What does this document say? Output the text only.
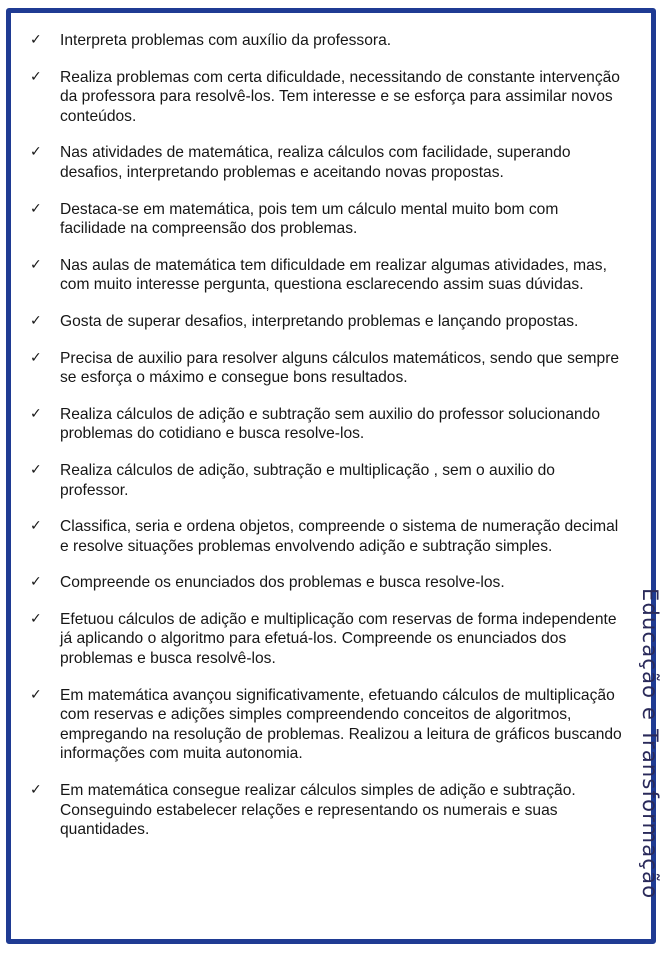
✓ Interpreta problemas com auxílio da professora.
✓ Realiza problemas com certa dificuldade, necessitando de constante intervenção da professora para resolvê-los. Tem interesse e se esforça para assimilar novos conteúdos.
✓ Nas atividades de matemática, realiza cálculos com facilidade, superando desafios, interpretando problemas e aceitando novas propostas.
✓ Destaca-se em matemática, pois tem um cálculo mental muito bom com facilidade na compreensão dos problemas.
✓ Nas aulas de matemática tem dificuldade em realizar algumas atividades, mas, com muito interesse pergunta, questiona esclarecendo assim suas dúvidas.
✓ Gosta de superar desafios, interpretando problemas e lançando propostas.
✓ Precisa de auxilio para resolver alguns cálculos matemáticos, sendo que sempre se esforça o máximo e consegue bons resultados.
✓ Realiza cálculos de adição e subtração sem auxilio do professor solucionando problemas do cotidiano e busca resolve-los.
✓ Realiza cálculos de adição, subtração e multiplicação , sem o auxilio do professor.
✓ Classifica, seria e ordena objetos, compreende o sistema de numeração decimal e resolve situações problemas envolvendo adição e subtração simples.
✓ Compreende os enunciados dos problemas e busca resolve-los.
✓ Efetuou cálculos de adição e multiplicação com reservas de forma independente já aplicando o algoritmo para efetuá-los. Compreende os enunciados dos problemas e busca resolvê-los.
✓ Em matemática avançou significativamente, efetuando cálculos de multiplicação com reservas e adições simples compreendendo conceitos de algoritmos, empregando na resolução de problemas. Realizou a leitura de gráficos buscando informações com muita autonomia.
✓ Em matemática consegue realizar cálculos simples de adição e subtração. Conseguindo estabelecer relações e representando os numerais e suas quantidades.	Educação e Transformação
